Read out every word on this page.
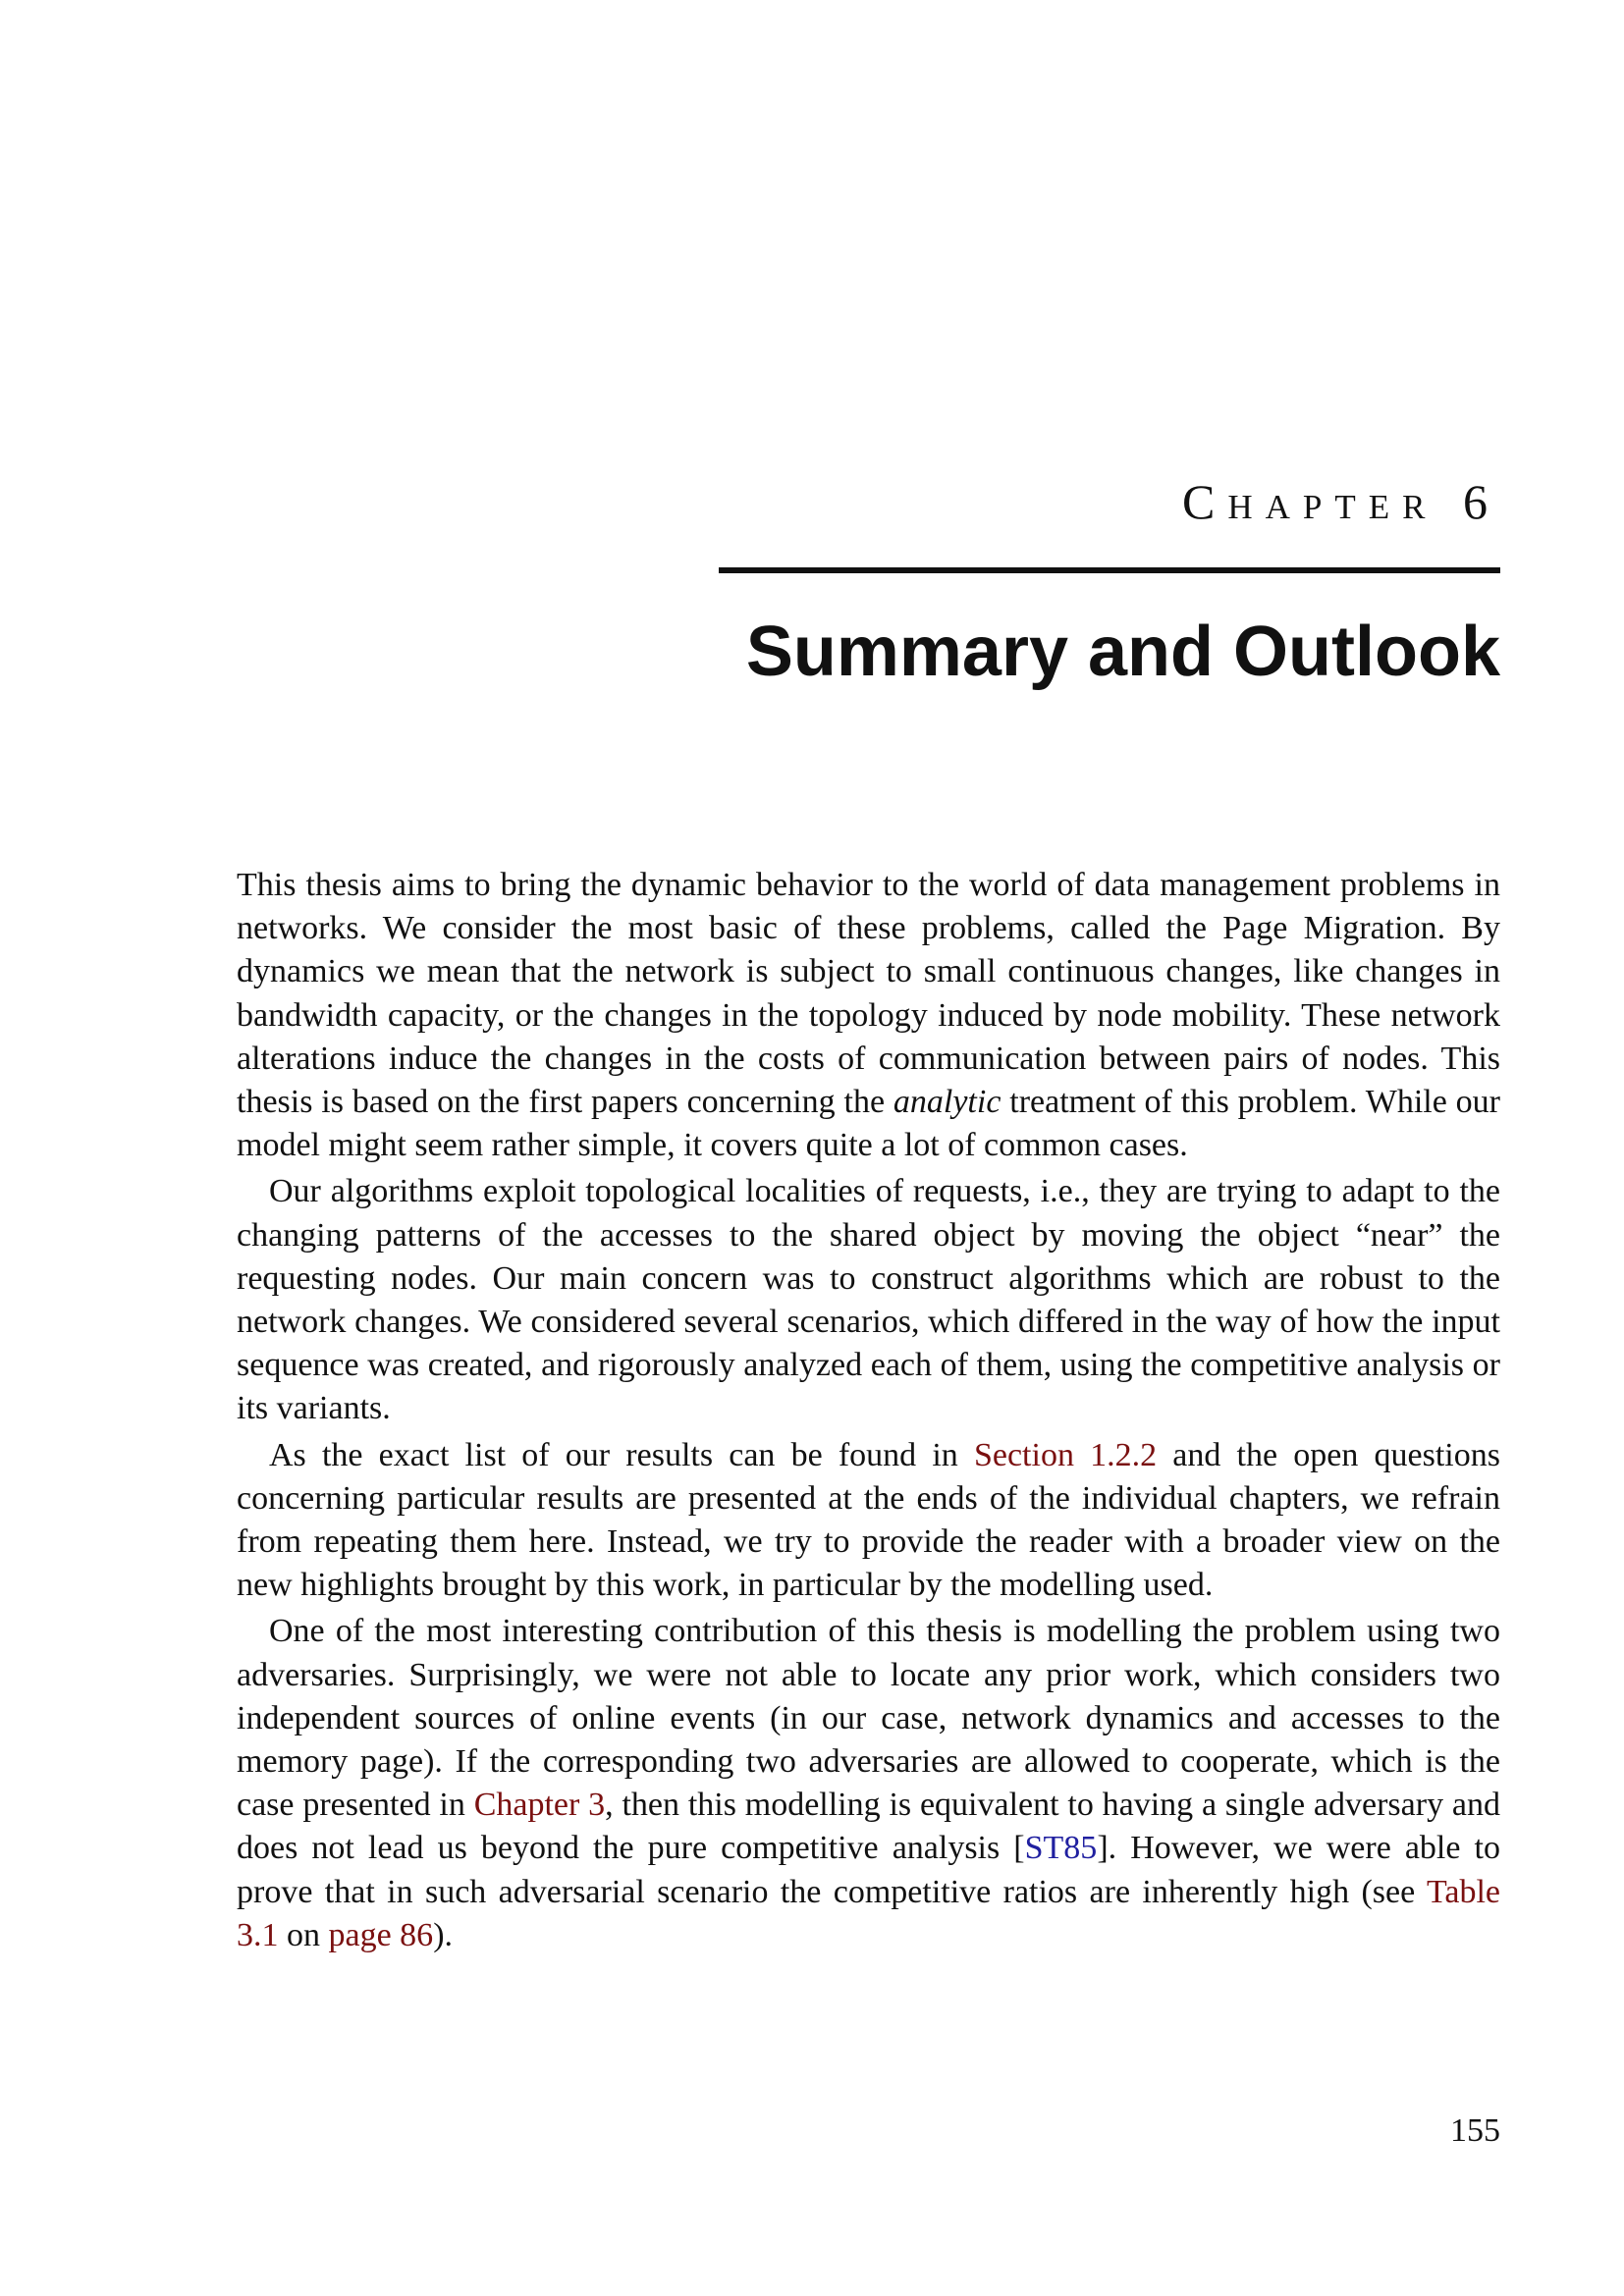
Chapter 6
Summary and Outlook

This thesis aims to bring the dynamic behavior to the world of data management problems in networks. We consider the most basic of these problems, called the Page Migration. By dynamics we mean that the network is subject to small continuous changes, like changes in bandwidth capacity, or the changes in the topology induced by node mobility. These network alterations induce the changes in the costs of communication between pairs of nodes. This thesis is based on the first papers concerning the analytic treatment of this problem. While our model might seem rather simple, it covers quite a lot of common cases.

Our algorithms exploit topological localities of requests, i.e., they are trying to adapt to the changing patterns of the accesses to the shared object by moving the object “near” the requesting nodes. Our main concern was to construct algorithms which are robust to the network changes. We considered several scenarios, which differed in the way of how the input sequence was created, and rigorously analyzed each of them, using the competitive analysis or its variants.

As the exact list of our results can be found in Section 1.2.2 and the open questions concerning particular results are presented at the ends of the individual chapters, we refrain from repeating them here. Instead, we try to provide the reader with a broader view on the new highlights brought by this work, in particular by the modelling used.

One of the most interesting contribution of this thesis is modelling the problem using two adversaries. Surprisingly, we were not able to locate any prior work, which considers two independent sources of online events (in our case, network dynamics and accesses to the memory page). If the corresponding two adversaries are allowed to cooperate, which is the case presented in Chapter 3, then this modelling is equivalent to having a single adversary and does not lead us beyond the pure competitive analysis [ST85]. However, we were able to prove that in such adversarial scenario the competitive ratios are inherently high (see Table 3.1 on page 86).

155
